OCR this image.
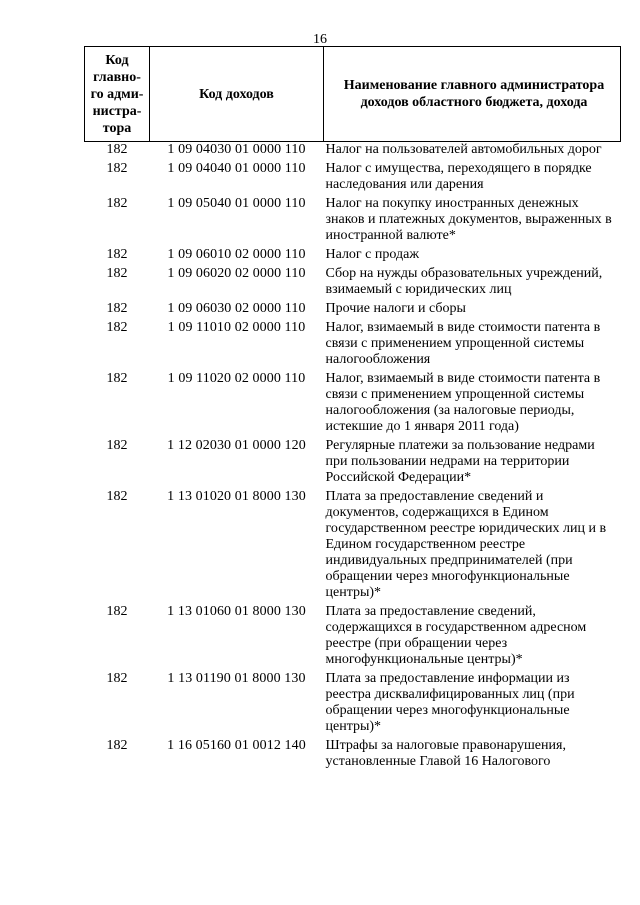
16
Код главно-го адми-нистра-тора	Код доходов	Наименование главного администратора доходов областного бюджета, дохода
182	1 09 04030 01 0000 110	Налог на пользователей автомобильных дорог
182	1 09 04040 01 0000 110	Налог с имущества, переходящего в порядке наследования или дарения
182	1 09 05040 01 0000 110	Налог на покупку иностранных денежных знаков и платежных документов, выраженных в иностранной валюте*
182	1 09 06010 02 0000 110	Налог с продаж
182	1 09 06020 02 0000 110	Сбор на нужды образовательных учреждений, взимаемый с юридических лиц
182	1 09 06030 02 0000 110	Прочие налоги и сборы
182	1 09 11010 02 0000 110	Налог, взимаемый в виде стоимости патента в связи с применением упрощенной системы налогообложения
182	1 09 11020 02 0000 110	Налог, взимаемый в виде стоимости патента в связи с применением упрощенной системы налогообложения (за налоговые периоды, истекшие до 1 января 2011 года)
182	1 12 02030 01 0000 120	Регулярные платежи за пользование недрами при пользовании недрами на территории Российской Федерации*
182	1 13 01020 01 8000 130	Плата за предоставление сведений и документов, содержащихся в Едином государственном реестре юридических лиц и в Едином государственном реестре индивидуальных предпринимателей (при обращении через многофункциональные центры)*
182	1 13 01060 01 8000 130	Плата за предоставление сведений, содержащихся в государственном адресном реестре (при обращении через многофункциональные центры)*
182	1 13 01190 01 8000 130	Плата за предоставление информации из реестра дисквалифицированных лиц (при обращении через многофункциональные центры)*
182	1 16 05160 01 0012 140	Штрафы за налоговые правонарушения, установленные Главой 16 Налогового
